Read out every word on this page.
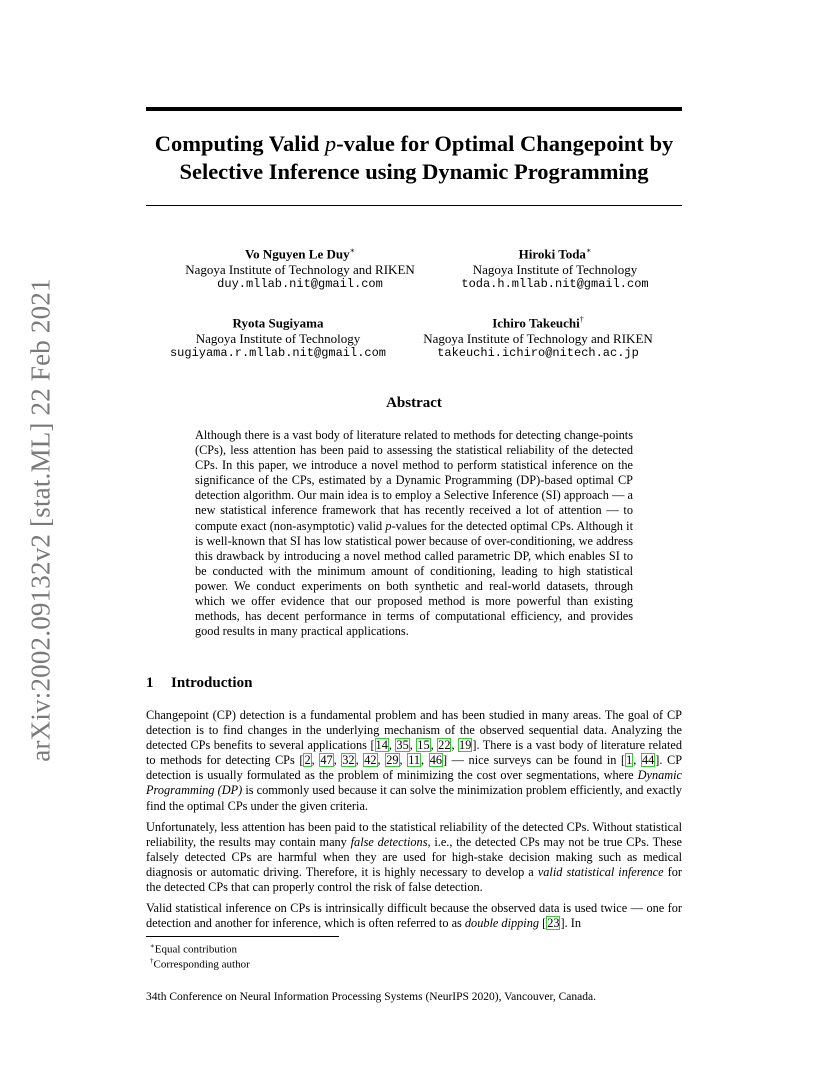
arXiv:2002.09132v2 [stat.ML] 22 Feb 2021
Computing Valid p-value for Optimal Changepoint by
Selective Inference using Dynamic Programming
Vo Nguyen Le Duy∗
Nagoya Institute of Technology and RIKEN
duy.mllab.nit@gmail.com
Hiroki Toda∗
Nagoya Institute of Technology
toda.h.mllab.nit@gmail.com
Ryota Sugiyama
Nagoya Institute of Technology
sugiyama.r.mllab.nit@gmail.com
Ichiro Takeuchi†
Nagoya Institute of Technology and RIKEN
takeuchi.ichiro@nitech.ac.jp
Abstract
Although there is a vast body of literature related to methods for detecting change-points (CPs), less attention has been paid to assessing the statistical reliability of the detected CPs. In this paper, we introduce a novel method to perform statistical inference on the significance of the CPs, estimated by a Dynamic Programming (DP)-based optimal CP detection algorithm. Our main idea is to employ a Selective Inference (SI) approach — a new statistical inference framework that has recently received a lot of attention — to compute exact (non-asymptotic) valid p-values for the detected optimal CPs. Although it is well-known that SI has low statistical power because of over-conditioning, we address this drawback by introducing a novel method called parametric DP, which enables SI to be conducted with the minimum amount of conditioning, leading to high statistical power. We conduct experiments on both synthetic and real-world datasets, through which we offer evidence that our proposed method is more powerful than existing methods, has decent performance in terms of computational efficiency, and provides good results in many practical applications.
1 Introduction

Changepoint (CP) detection is a fundamental problem and has been studied in many areas. The goal of CP detection is to find changes in the underlying mechanism of the observed sequential data. Analyzing the detected CPs benefits to several applications [14, 35, 15, 22, 19]. There is a vast body of literature related to methods for detecting CPs [2, 47, 32, 42, 29, 11, 46] — nice surveys can be found in [1, 44]. CP detection is usually formulated as the problem of minimizing the cost over segmentations, where Dynamic Programming (DP) is commonly used because it can solve the minimization problem efficiently, and exactly find the optimal CPs under the given criteria.

Unfortunately, less attention has been paid to the statistical reliability of the detected CPs. Without statistical reliability, the results may contain many false detections, i.e., the detected CPs may not be true CPs. These falsely detected CPs are harmful when they are used for high-stake decision making such as medical diagnosis or automatic driving. Therefore, it is highly necessary to develop a valid statistical inference for the detected CPs that can properly control the risk of false detection.

Valid statistical inference on CPs is intrinsically difficult because the observed data is used twice — one for detection and another for inference, which is often referred to as double dipping [23]. In

∗Equal contribution
†Corresponding author
34th Conference on Neural Information Processing Systems (NeurIPS 2020), Vancouver, Canada.
